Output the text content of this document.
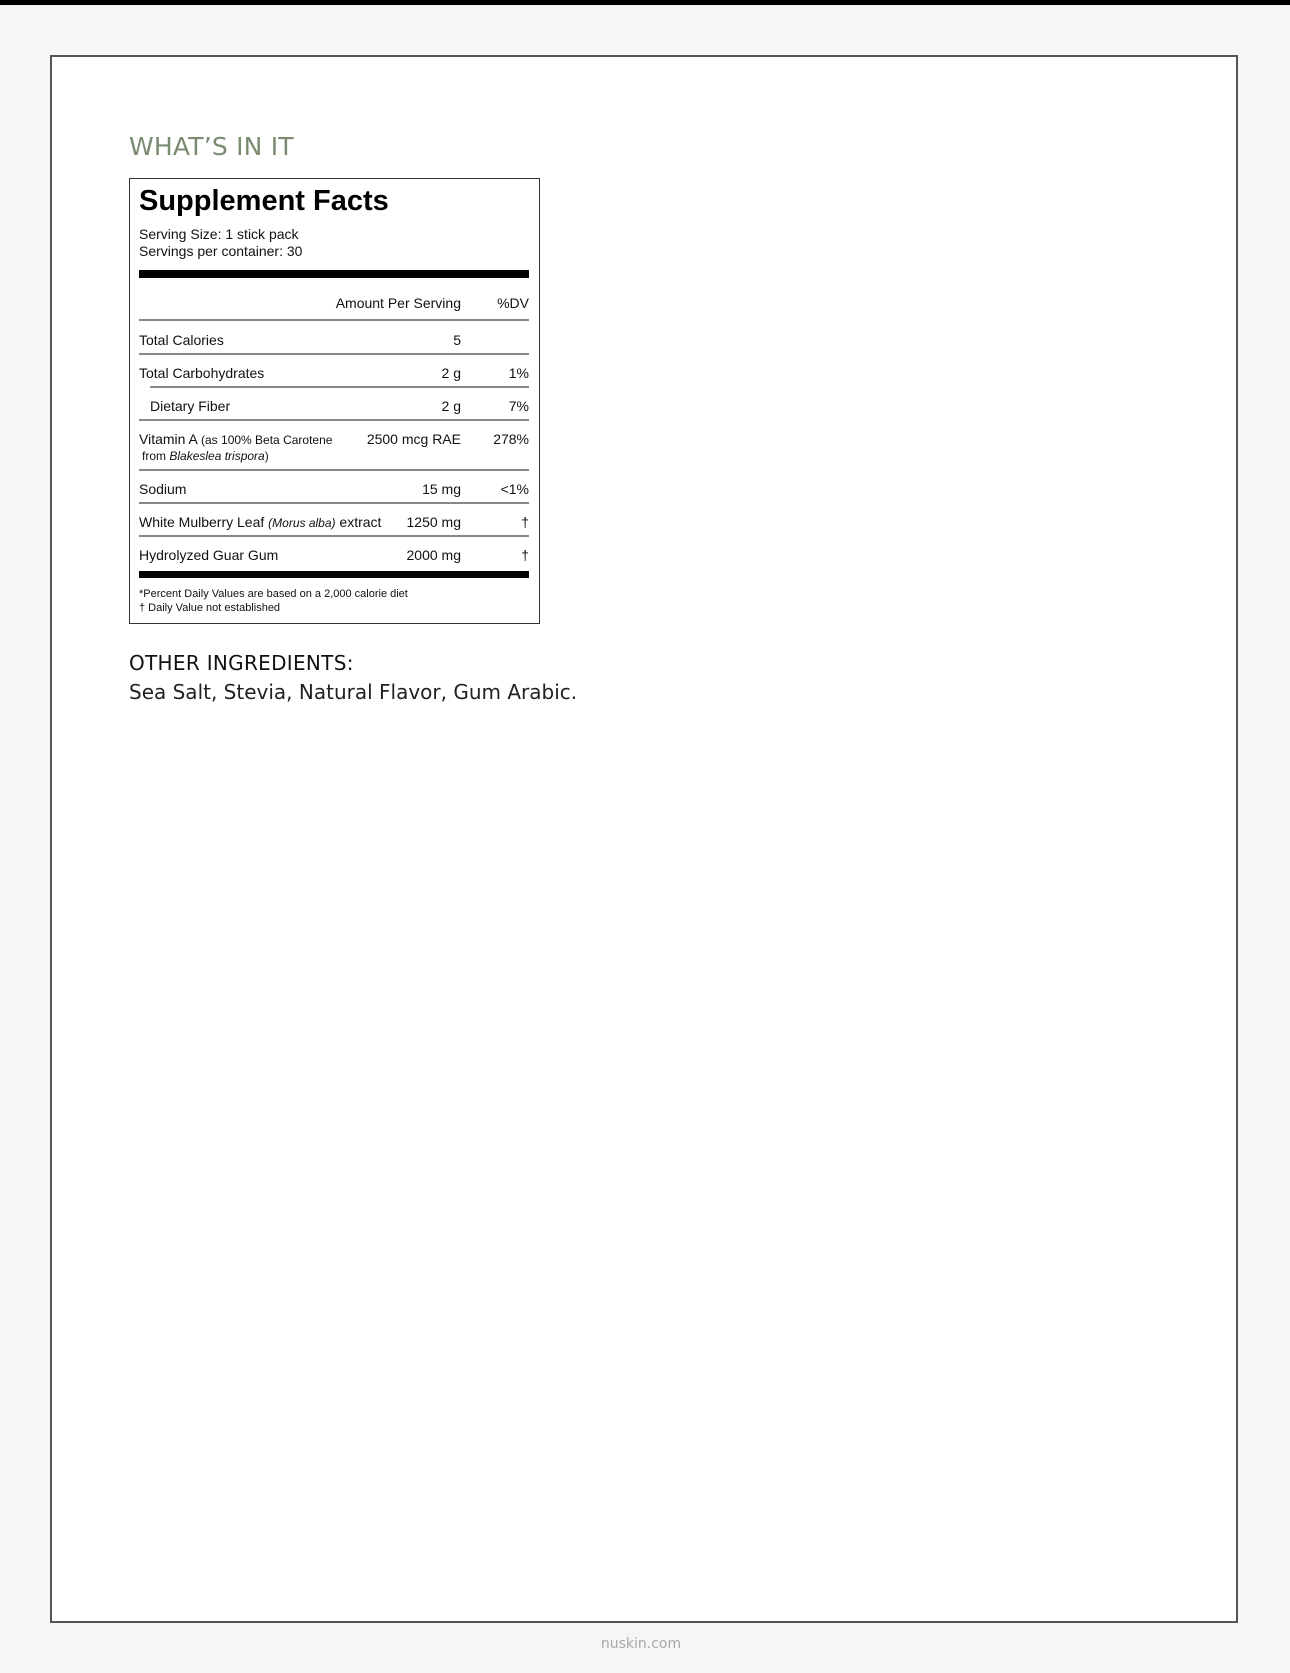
WHAT’S IN IT
Supplement Facts
Serving Size: 1 stick pack
Servings per container: 30
Amount Per Serving	%DV
Total Calories	5
Total Carbohydrates	2 g	1%
Dietary Fiber	2 g	7%
Vitamin A (as 100% Beta Carotene
from Blakeslea trispora)
2500 mcg RAE 278%
Sodium	15 mg	<1%
White Mulberry Leaf (Morus alba) extract 1250 mg	†
Hydrolyzed Guar Gum	2000 mg	†
*Percent Daily Values are based on a 2,000 calorie diet
† Daily Value not established
OTHER INGREDIENTS:
Sea Salt, Stevia, Natural Flavor, Gum Arabic.
nuskin.com
